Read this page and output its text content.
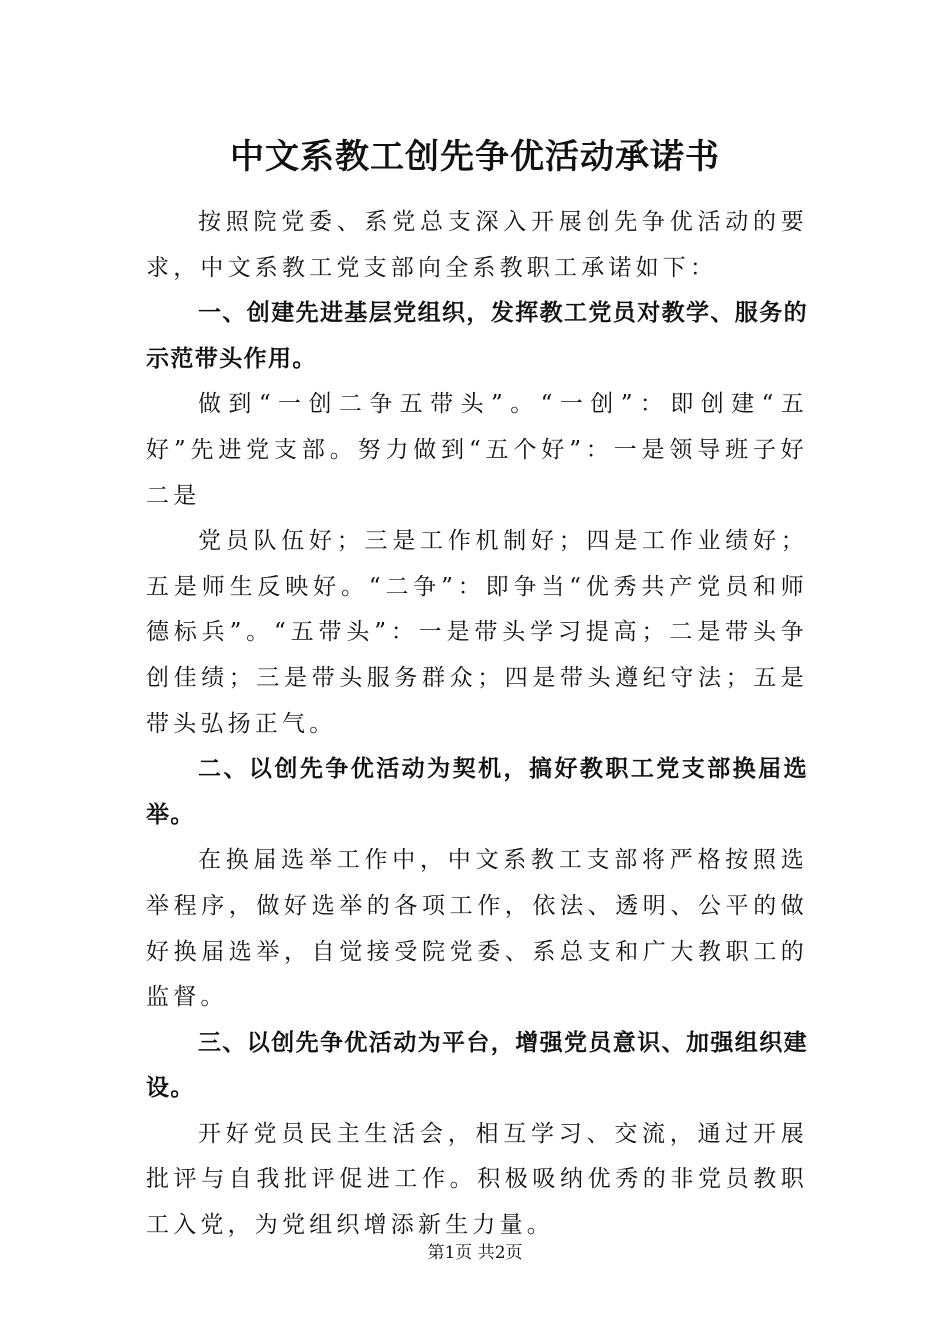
中文系教工创先争优活动承诺书

按照院党委、系党总支深入开展创先争优活动的要求，中文系教工党支部向全系教职工承诺如下：

一、创建先进基层党组织，发挥教工党员对教学、服务的示范带头作用。

做到“一创二争五带头”。“一创”：即创建“五好”先进党支部。努力做到“五个好”：一是领导班子好二是

党员队伍好；三是工作机制好；四是工作业绩好；五是师生反映好。“二争”：即争当“优秀共产党员和师德标兵”。“五带头”：一是带头学习提高；二是带头争创佳绩；三是带头服务群众；四是带头遵纪守法；五是带头弘扬正气。

二、以创先争优活动为契机，搞好教职工党支部换届选举。

在换届选举工作中，中文系教工支部将严格按照选举程序，做好选举的各项工作，依法、透明、公平的做好换届选举，自觉接受院党委、系总支和广大教职工的监督。

三、以创先争优活动为平台，增强党员意识、加强组织建设。

开好党员民主生活会，相互学习、交流，通过开展批评与自我批评促进工作。积极吸纳优秀的非党员教职工入党，为党组织增添新生力量。

第1页 共2页
